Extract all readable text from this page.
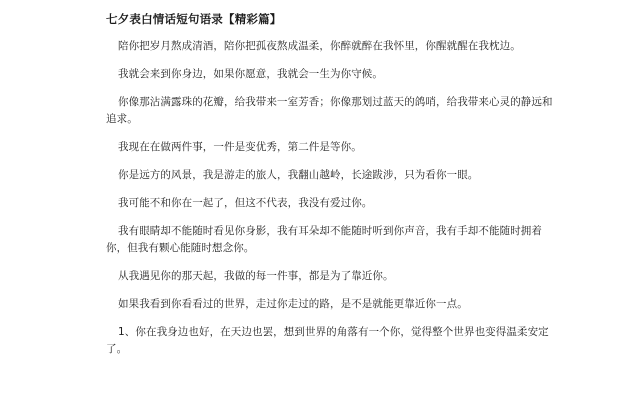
七夕表白情话短句语录【精彩篇】

陪你把岁月熬成清酒，陪你把孤夜熬成温柔，你醉就醉在我怀里，你醒就醒在我枕边。

我就会来到你身边，如果你愿意，我就会一生为你守候。

你像那沾满露珠的花瓣，给我带来一室芳香；你像那划过蓝天的鸽哨，给我带来心灵的静远和追求。

我现在在做两件事，一件是变优秀，第二件是等你。

你是远方的风景，我是游走的旅人，我翻山越岭，长途跋涉，只为看你一眼。

我可能不和你在一起了，但这不代表，我没有爱过你。

我有眼睛却不能随时看见你身影，我有耳朵却不能随时听到你声音，我有手却不能随时拥着你，但我有颗心能随时想念你。

从我遇见你的那天起，我做的每一件事，都是为了靠近你。

如果我看到你看看过的世界，走过你走过的路，是不是就能更靠近你一点。

1、你在我身边也好，在天边也罢，想到世界的角落有一个你，觉得整个世界也变得温柔安定了。
